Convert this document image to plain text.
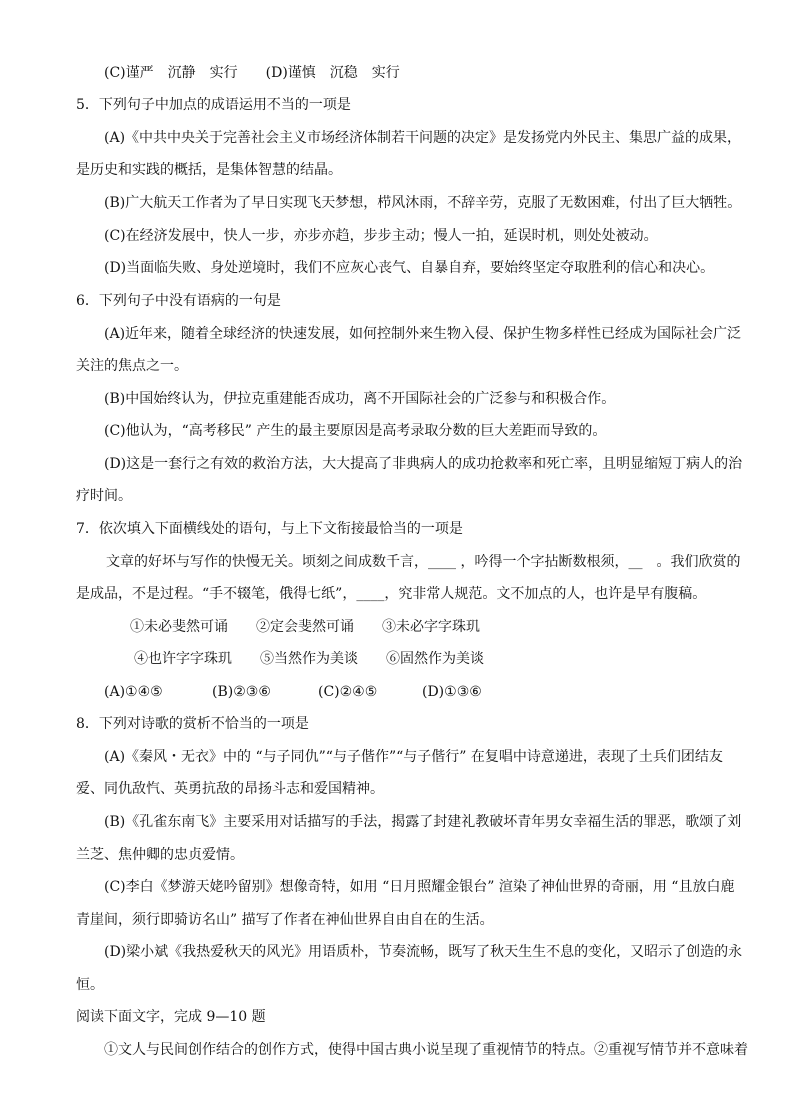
(C)谨严　沉静　实行　　(D)谨慎　沉稳　实行
5．下列句子中加点的成语运用不当的一项是
(A)《中共中央关于完善社会主义市场经济体制若干问题的决定》是发扬党内外民主、集思广益的成果，
是历史和实践的概括，是集体智慧的结晶。
(B)广大航天工作者为了早日实现飞天梦想，栉风沐雨，不辞辛劳，克服了无数困难，付出了巨大牺牲。
(C)在经济发展中，快人一步，亦步亦趋，步步主动；慢人一拍，延误时机，则处处被动。
(D)当面临失败、身处逆境时，我们不应灰心丧气、自暴自弃，要始终坚定夺取胜利的信心和决心。
6．下列句子中没有语病的一句是
(A)近年来，随着全球经济的快速发展，如何控制外来生物入侵、保护生物多样性已经成为国际社会广泛
关注的焦点之一。
(B)中国始终认为，伊拉克重建能否成功，离不开国际社会的广泛参与和积极合作。
(C)他认为，“高考移民” 产生的最主要原因是高考录取分数的巨大差距而导致的。
(D)这是一套行之有效的救治方法，大大提高了非典病人的成功抢救率和死亡率，且明显缩短丁病人的治
疗时间。
7．依次填入下面横线处的语句，与上下文衔接最恰当的一项是
文章的好坏与写作的快慢无关。顷刻之间成数千言，____ ，吟得一个字拈断数根须，__　。我们欣赏的
是成品，不是过程。“手不辍笔，俄得七纸”，____，究非常人规范。文不加点的人，也许是早有腹稿。
①未必斐然可诵　　②定会斐然可诵　　③未必字字珠玑
④也许字字珠玑　　⑤当然作为美谈　　⑥固然作为美谈
(A)①④⑤	(B)②③⑥	(C)②④⑤	(D)①③⑥
8．下列对诗歌的赏析不恰当的一项是
(A)《秦风・无衣》中的 “与子同仇”“与子偕作”“与子偕行” 在复唱中诗意递进，表现了土兵们团结友
爱、同仇敌忾、英勇抗敌的昂扬斗志和爱国精神。
(B)《孔雀东南飞》主要采用对话描写的手法，揭露了封建礼教破坏青年男女幸福生活的罪恶，歌颂了刘
兰芝、焦仲卿的忠贞爱情。
(C)李白《梦游天姥吟留别》想像奇特，如用 “日月照耀金银台” 渲染了神仙世界的奇丽，用 “且放白鹿
青崖间，须行即骑访名山” 描写了作者在神仙世界自由自在的生活。
(D)梁小斌《我热爱秋天的风光》用语质朴，节奏流畅，既写了秋天生生不息的变化，又昭示了创造的永
恒。
阅读下面文字，完成 9—10 题
①文人与民间创作结合的创作方式，使得中国古典小说呈现了重视情节的特点。②重视写情节并不意味着
